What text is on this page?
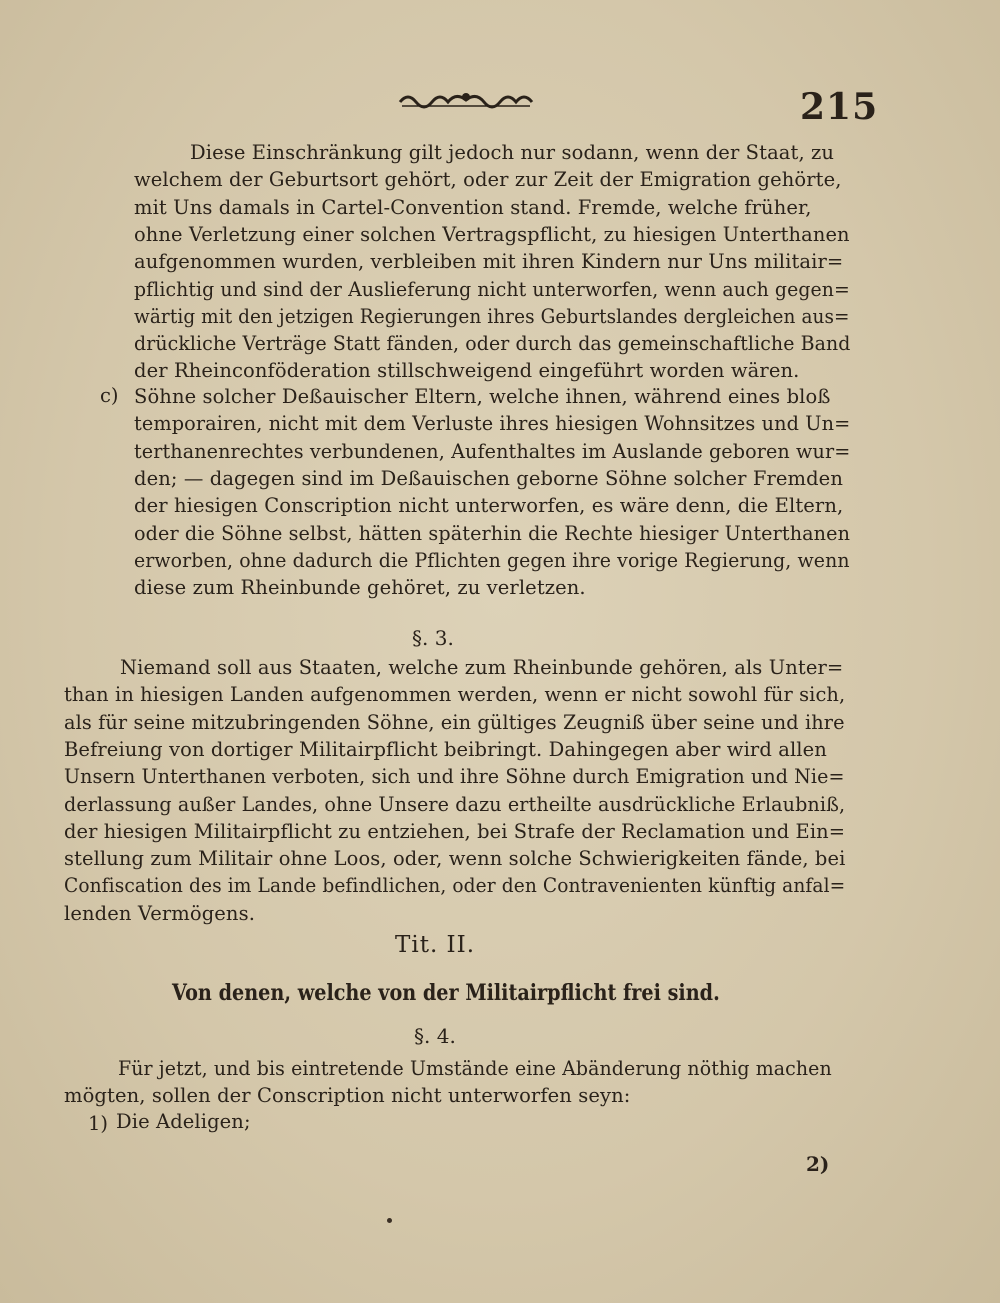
215
Diese Einschränkung gilt jedoch nur sodann, wenn der Staat, zu
welchem der Geburtsort gehört, oder zur Zeit der Emigration gehörte,
mit Uns damals in Cartel-Convention stand. Fremde, welche früher,
ohne Verletzung einer solchen Vertragspflicht, zu hiesigen Unterthanen
aufgenommen wurden, verbleiben mit ihren Kindern nur Uns militair=
pflichtig und sind der Auslieferung nicht unterworfen, wenn auch gegen=
wärtig mit den jetzigen Regierungen ihres Geburtslandes dergleichen aus=
drückliche Verträge Statt fänden, oder durch das gemeinschaftliche Band
der Rheinconföderation stillschweigend eingeführt worden wären.
c) Söhne solcher Deßauischer Eltern, welche ihnen, während eines bloß
temporairen, nicht mit dem Verluste ihres hiesigen Wohnsitzes und Un=
terthanenrechtes verbundenen, Aufenthaltes im Auslande geboren wur=
den; — dagegen sind im Deßauischen geborne Söhne solcher Fremden
der hiesigen Conscription nicht unterworfen, es wäre denn, die Eltern,
oder die Söhne selbst, hätten späterhin die Rechte hiesiger Unterthanen
erworben, ohne dadurch die Pflichten gegen ihre vorige Regierung, wenn
diese zum Rheinbunde gehöret, zu verletzen.
§. 3.
Niemand soll aus Staaten, welche zum Rheinbunde gehören, als Unter=
than in hiesigen Landen aufgenommen werden, wenn er nicht sowohl für sich,
als für seine mitzubringenden Söhne, ein gültiges Zeugniß über seine und ihre
Befreiung von dortiger Militairpflicht beibringt. Dahingegen aber wird allen
Unsern Unterthanen verboten, sich und ihre Söhne durch Emigration und Nie=
derlassung außer Landes, ohne Unsere dazu ertheilte ausdrückliche Erlaubniß,
der hiesigen Militairpflicht zu entziehen, bei Strafe der Reclamation und Ein=
stellung zum Militair ohne Loos, oder, wenn solche Schwierigkeiten fände, bei
Confiscation des im Lande befindlichen, oder den Contravenienten künftig anfal=
lenden Vermögens.
Tit. II.
Von denen, welche von der Militairpflicht frei sind.
§. 4.
Für jetzt, und bis eintretende Umstände eine Abänderung nöthig machen
mögten, sollen der Conscription nicht unterworfen seyn:
1) Die Adeligen;
2)
